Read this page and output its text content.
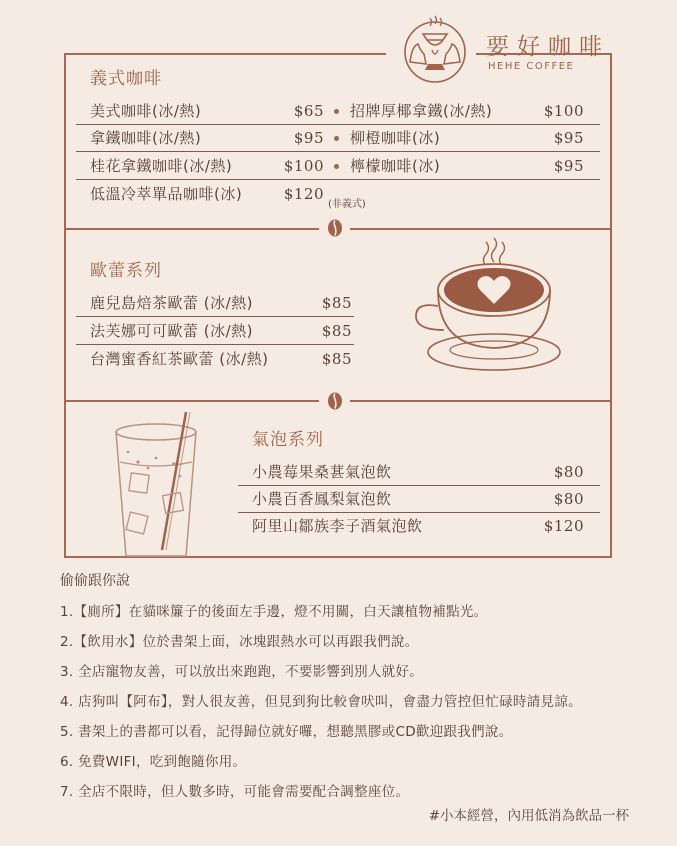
要好咖啡
HEHE COFFEE
義式咖啡
美式咖啡(冰/熱)	$65
拿鐵咖啡(冰/熱)	$95
桂花拿鐵咖啡(冰/熱)	$100
低溫冷萃單品咖啡(冰)	$120
(非義式)
招牌厚椰拿鐵(冰/熱)	$100
柳橙咖啡(冰)	$95
檸檬咖啡(冰)	$95
歐蕾系列
鹿兒島焙茶歐蕾 (冰/熱)	$85
法芙娜可可歐蕾 (冰/熱)	$85
台灣蜜香紅茶歐蕾 (冰/熱)	$85
氣泡系列
小農莓果桑葚氣泡飲	$80
小農百香鳳梨氣泡飲	$80
阿里山鄒族李子酒氣泡飲	$120
偷偷跟你說
1.【廁所】在貓咪簾子的後面左手邊，燈不用關，白天讓植物補點光。
2.【飲用水】位於書架上面，冰塊跟熱水可以再跟我們說。
3. 全店寵物友善，可以放出來跑跑，不要影響到別人就好。
4. 店狗叫【阿布】，對人很友善，但見到狗比較會吠叫，會盡力管控但忙碌時請見諒。
5. 書架上的書都可以看，記得歸位就好囉，想聽黑膠或CD歡迎跟我們說。
6. 免費WIFI，吃到飽隨你用。
7. 全店不限時，但人數多時，可能會需要配合調整座位。
#小本經營，內用低消為飲品一杯
